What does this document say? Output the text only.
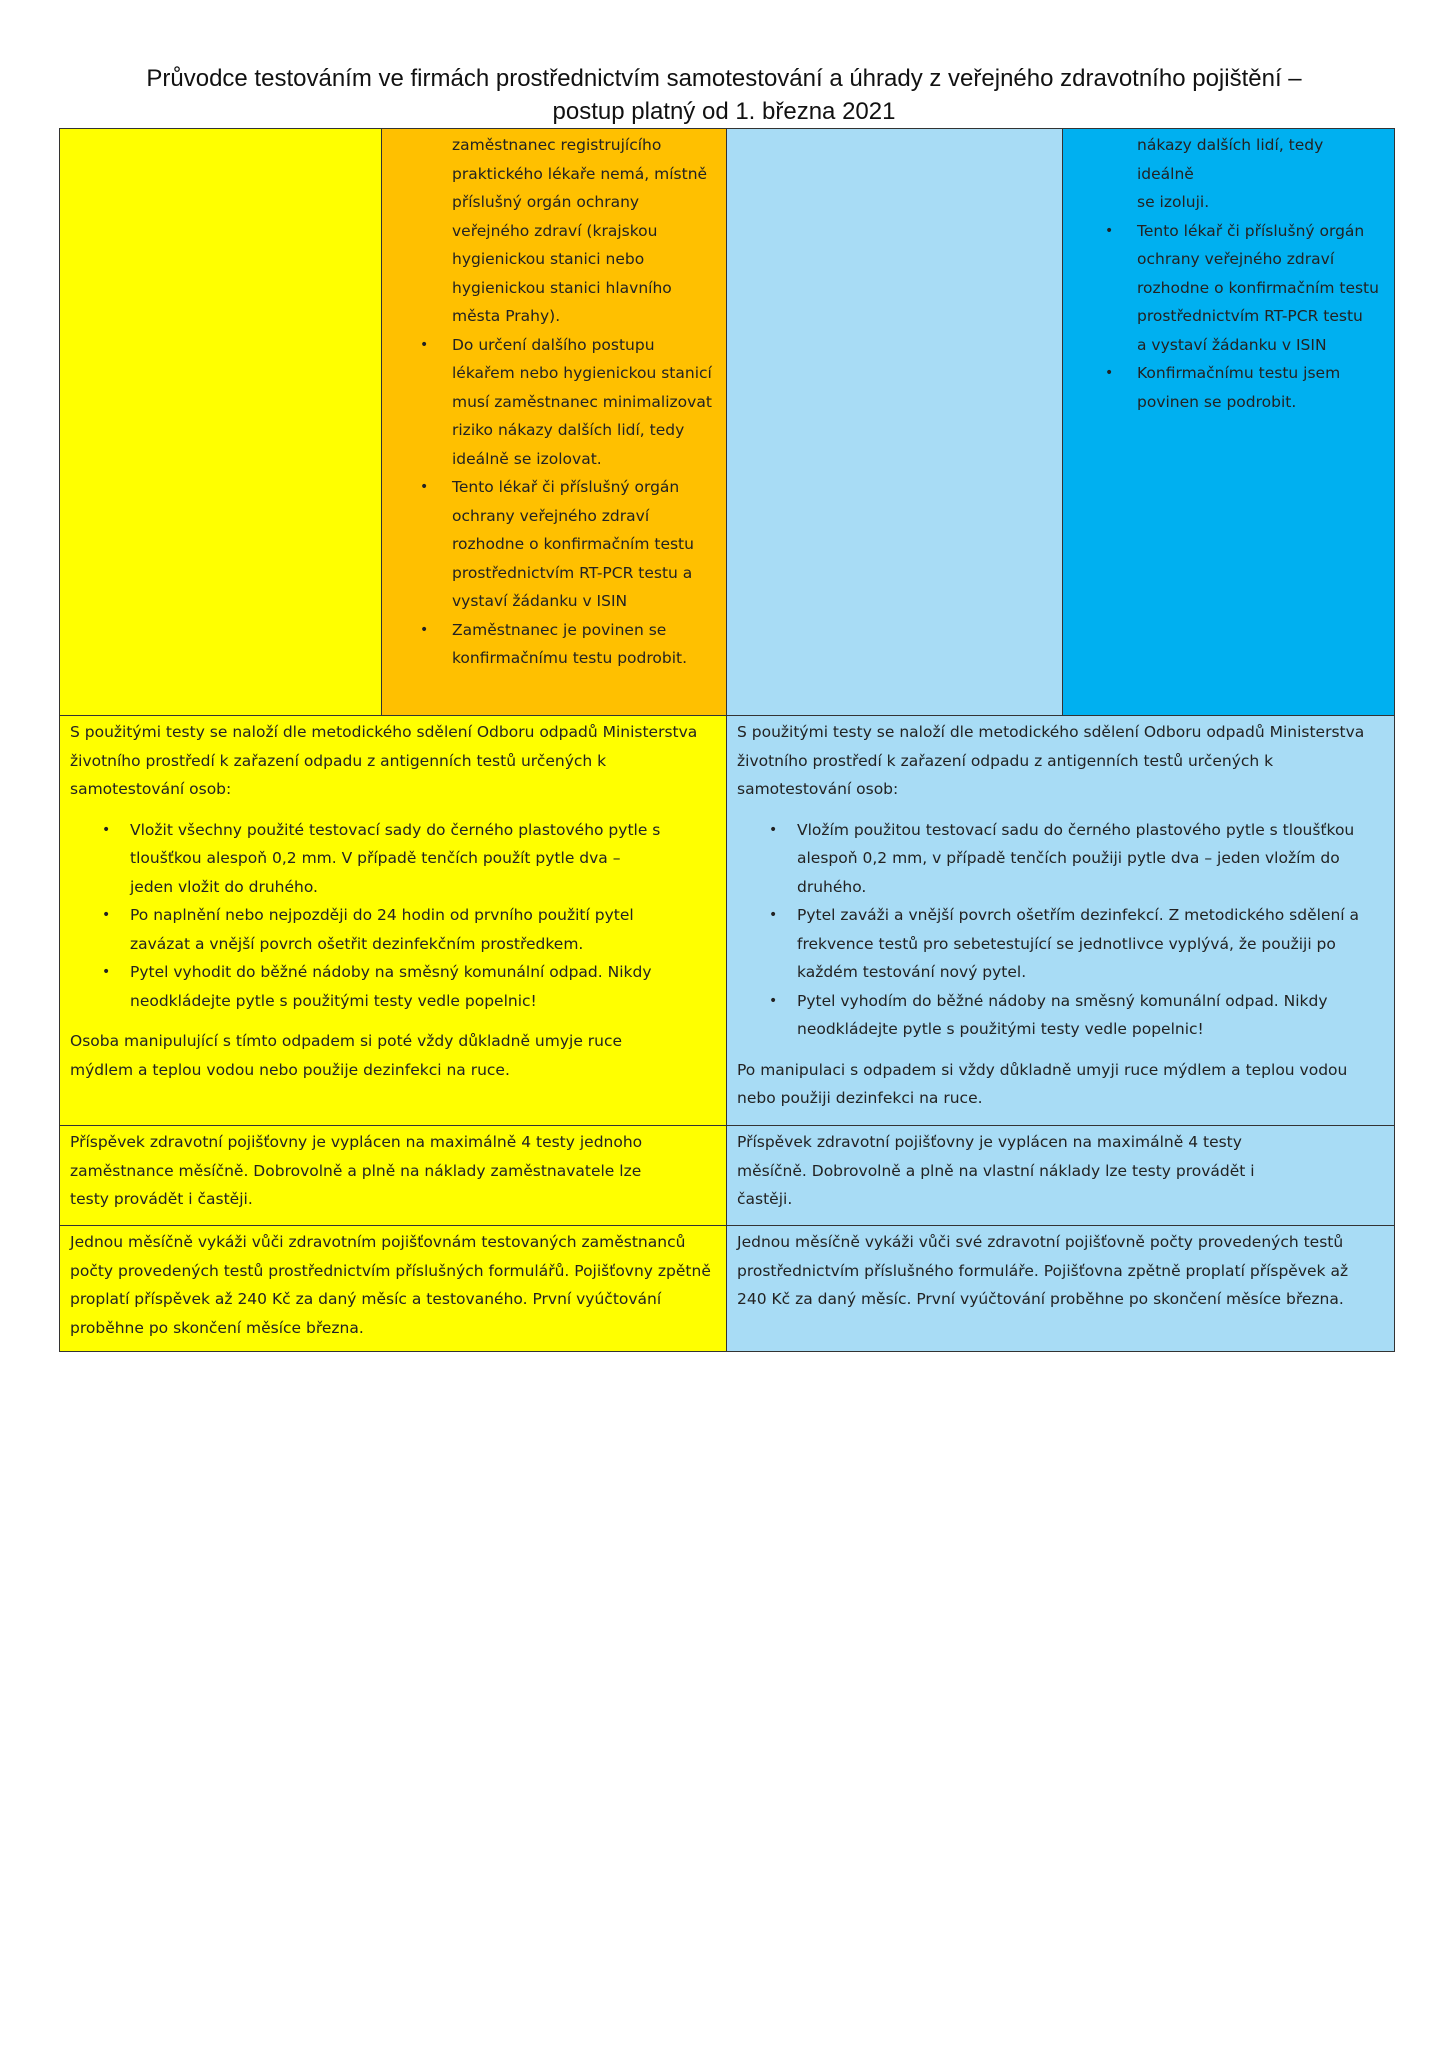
Průvodce testováním ve firmách prostřednictvím samotestování a úhrady z veřejného zdravotního pojištění –
postup platný od 1. března 2021
zaměstnanec registrujícího
praktického lékaře nemá, místně
příslušný orgán ochrany
veřejného zdraví (krajskou
hygienickou stanici nebo
hygienickou stanici hlavního
města Prahy).
• Do určení dalšího postupu
lékařem nebo hygienickou stanicí
musí zaměstnanec minimalizovat
riziko nákazy dalších lidí, tedy
ideálně se izolovat.
• Tento lékař či příslušný orgán
ochrany veřejného zdraví
rozhodne o konfirmačním testu
prostřednictvím RT-PCR testu a
vystaví žádanku v ISIN
• Zaměstnanec je povinen se
konfirmačnímu testu podrobit.
nákazy dalších lidí, tedy ideálně
se izoluji.
• Tento lékař či příslušný orgán
ochrany veřejného zdraví
rozhodne o konfirmačním testu
prostřednictvím RT-PCR testu
a vystaví žádanku v ISIN
• Konfirmačnímu testu jsem
povinen se podrobit.

S použitými testy se naloží dle metodického sdělení Odboru odpadů Ministerstva životního prostředí k zařazení odpadu z antigenních testů určených k samotestování osob:

• Vložit všechny použité testovací sady do černého plastového pytle s tloušťkou alespoň 0,2 mm. V případě tenčích použít pytle dva – jeden vložit do druhého.
• Po naplnění nebo nejpozději do 24 hodin od prvního použití pytel zavázat a vnější povrch ošetřit dezinfekčním prostředkem.
• Pytel vyhodit do běžné nádoby na směsný komunální odpad. Nikdy neodkládejte pytle s použitými testy vedle popelnic!

Osoba manipulující s tímto odpadem si poté vždy důkladně umyje ruce mýdlem a teplou vodou nebo použije dezinfekci na ruce.

S použitými testy se naloží dle metodického sdělení Odboru odpadů Ministerstva životního prostředí k zařazení odpadu z antigenních testů určených k samotestování osob:

• Vložím použitou testovací sadu do černého plastového pytle s tloušťkou alespoň 0,2 mm, v případě tenčích použiji pytle dva – jeden vložím do druhého.
• Pytel zaváži a vnější povrch ošetřím dezinfekcí. Z metodického sdělení a frekvence testů pro sebetestující se jednotlivce vyplývá, že použiji po každém testování nový pytel.
• Pytel vyhodím do běžné nádoby na směsný komunální odpad. Nikdy neodkládejte pytle s použitými testy vedle popelnic!

Po manipulaci s odpadem si vždy důkladně umyji ruce mýdlem a teplou vodou nebo použiji dezinfekci na ruce.

Příspěvek zdravotní pojišťovny je vyplácen na maximálně 4 testy jednoho zaměstnance měsíčně. Dobrovolně a plně na náklady zaměstnavatele lze testy provádět i častěji.

Příspěvek zdravotní pojišťovny je vyplácen na maximálně 4 testy měsíčně. Dobrovolně a plně na vlastní náklady lze testy provádět i častěji.

Jednou měsíčně vykáži vůči zdravotním pojišťovnám testovaných zaměstnanců počty provedených testů prostřednictvím příslušných formulářů. Pojišťovny zpětně proplatí příspěvek až 240 Kč za daný měsíc a testovaného. První vyúčtování proběhne po skončení měsíce března.

Jednou měsíčně vykáži vůči své zdravotní pojišťovně počty provedených testů prostřednictvím příslušného formuláře. Pojišťovna zpětně proplatí příspěvek až 240 Kč za daný měsíc. První vyúčtování proběhne po skončení měsíce března.
